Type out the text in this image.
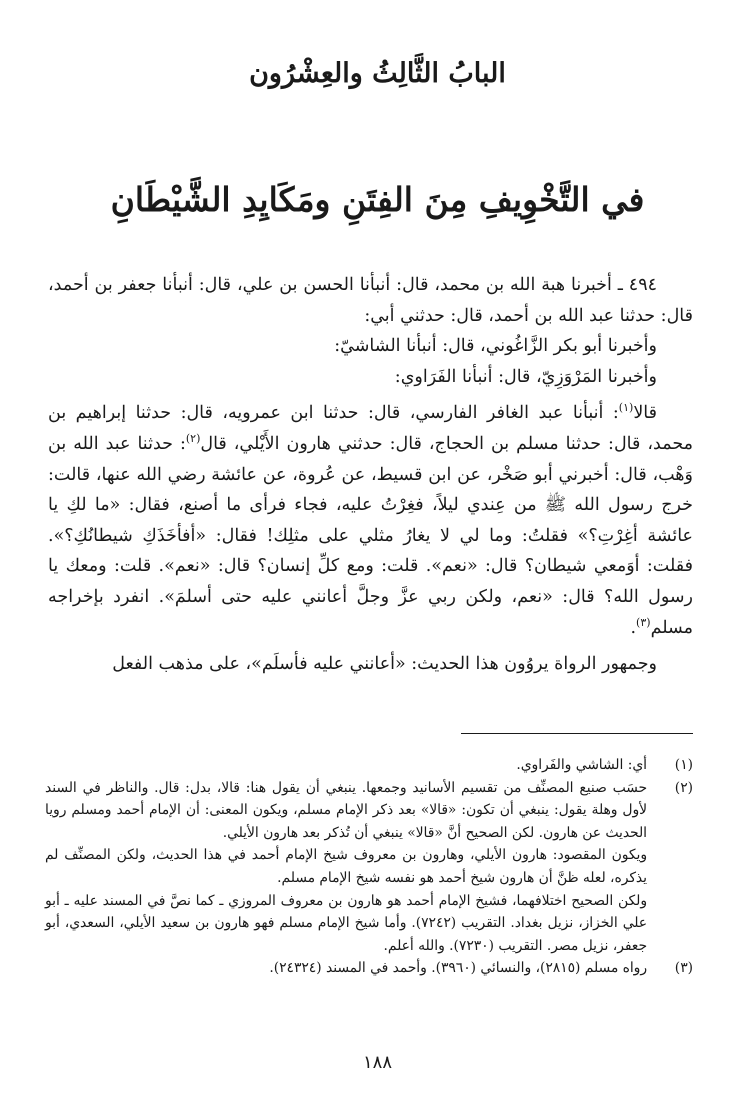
البابُ الثَّالِثُ والعِشْرُون
في التَّخْوِيفِ مِنَ الفِتَنِ ومَكَايِدِ الشَّيْطَانِ

٤٩٤ ـ أخبرنا هبة الله بن محمد، قال: أنبأنا الحسن بن علي، قال: أنبأنا جعفر بن أحمد، قال: حدثنا عبد الله بن أحمد، قال: حدثني أبي:

وأخبرنا أبو بكر الزَّاغُوني، قال: أنبأنا الشاشيّ:

وأخبرنا المَرْوَزِيّ، قال: أنبأنا الفَرَاوي:

قالا$^{(١)}$: أنبأنا عبد الغافر الفارسي، قال: حدثنا ابن عمرويه، قال: حدثنا إبراهيم بن محمد، قال: حدثنا مسلم بن الحجاج، قال: حدثني هارون الأَيْلي، قال$^{(٢)}$: حدثنا عبد الله بن وَهْب، قال: أخبرني أبو صَخْر، عن ابن قسيط، عن عُروة، عن عائشة رضي الله عنها، قالت: خرج رسول الله ﷺ من عِندي ليلاً، فغِرْتُ عليه، فجاء فرأى ما أصنع، فقال: «ما لكِ يا عائشة أغِرْتِ؟» فقلتُ: وما لي لا يغارُ مثلي على مثلِك! فقال: «أفأخَذَكِ شيطانُكِ؟». فقلت: أوَمعي شيطان؟ قال: «نعم». قلت: ومع كلِّ إنسان؟ قال: «نعم». قلت: ومعك يا رسول الله؟ قال: «نعم، ولكن ربي عزَّ وجلَّ أعانني عليه حتى أسلمَ». انفرد بإخراجه مسلم$^{(٣)}$.

وجمهور الرواة يروُون هذا الحديث: «أعانني عليه فأسلَم»، على مذهب الفعل

(١)

أي: الشاشي والفَراوي.

(٢)

حسَب صنيع المصنِّف من تقسيم الأسانيد وجمعها. ينبغي أن يقول هنا: قالا، بدل: قال. والناظر في السند لأول وهلة يقول: ينبغي أن تكون: «قالا» بعد ذكر الإمام مسلم، ويكون المعنى: أن الإمام أحمد ومسلم رويا الحديث عن هارون. لكن الصحيح أنَّ «قالا» ينبغي أن تُذكر بعد هارون الأيلي.

ويكون المقصود: هارون الأيلي، وهارون بن معروف شيخ الإمام أحمد في هذا الحديث، ولكن المصنِّف لم يذكره، لعله ظنَّ أن هارون شيخ أحمد هو نفسه شيخ الإمام مسلم.

ولكن الصحيح اختلافهما، فشيخ الإمام أحمد هو هارون بن معروف المروزي ـ كما نصَّ في المسند عليه ـ أبو علي الخزاز، نزيل بغداد. التقريب (٧٢٤٢). وأما شيخ الإمام مسلم فهو هارون بن سعيد الأيلي، السعدي، أبو جعفر، نزيل مصر. التقريب (٧٢٣٠). والله أعلم.

(٣)

رواه مسلم (٢٨١٥)، والنسائي (٣٩٦٠). وأحمد في المسند (٢٤٣٢٤).

١٨٨
